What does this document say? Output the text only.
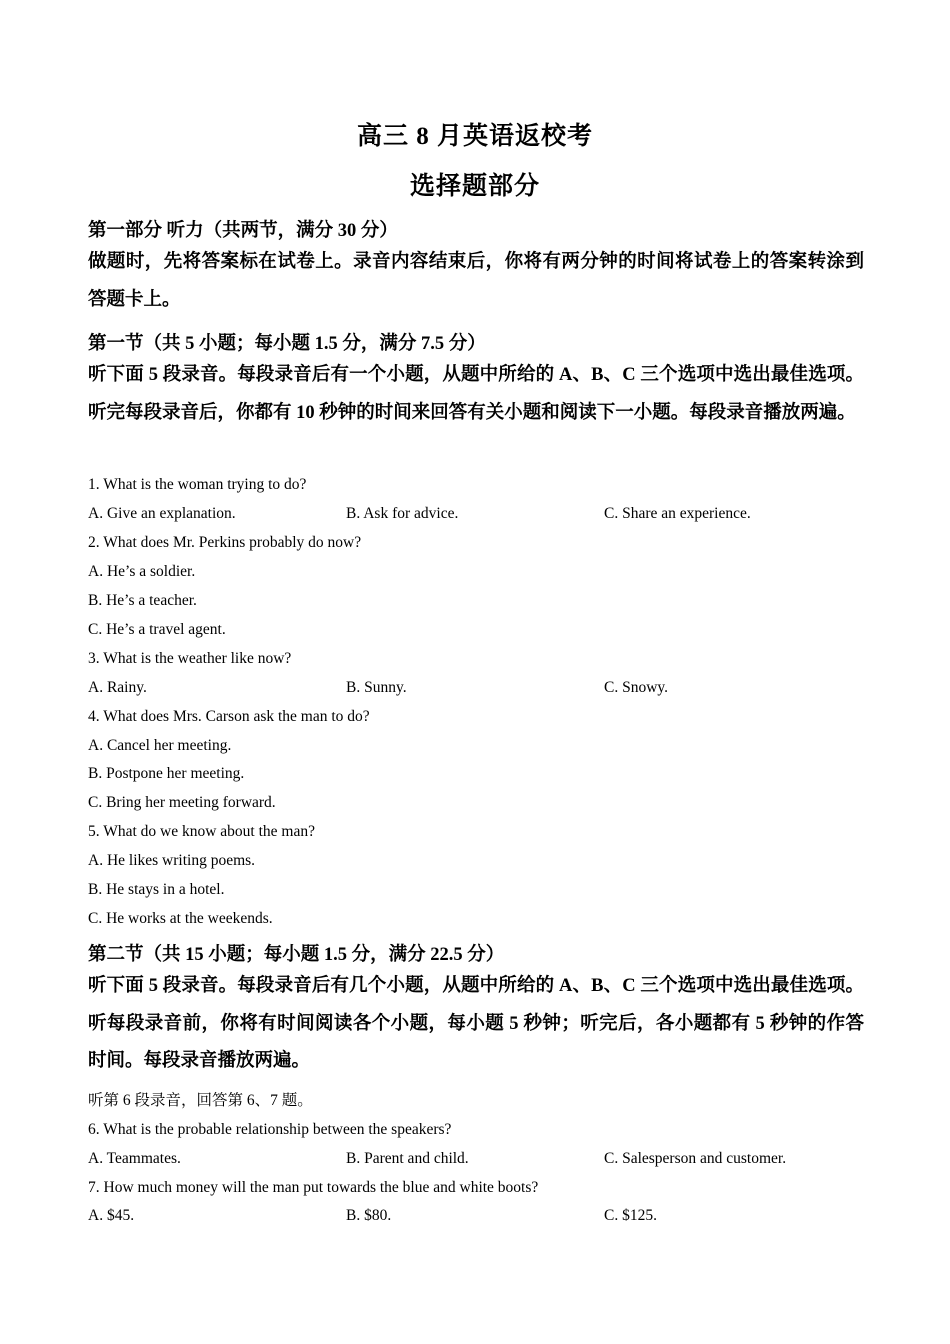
高三 8 月英语返校考
选择题部分
第一部分 听力（共两节，满分 30 分）
做题时，先将答案标在试卷上。录音内容结束后，你将有两分钟的时间将试卷上的答案转涂到答题卡上。
第一节（共 5 小题；每小题 1.5 分，满分 7.5 分）
听下面 5 段录音。每段录音后有一个小题，从题中所给的 A、B、C 三个选项中选出最佳选项。听完每段录音后，你都有 10 秒钟的时间来回答有关小题和阅读下一小题。每段录音播放两遍。
1. What is the woman trying to do?
A. Give an explanation.	B. Ask for advice.	C. Share an experience.
2. What does Mr. Perkins probably do now?
A. He’s a soldier.
B. He’s a teacher.
C. He’s a travel agent.
3. What is the weather like now?
A. Rainy.	B. Sunny.	C. Snowy.
4. What does Mrs. Carson ask the man to do?
A. Cancel her meeting.
B. Postpone her meeting.
C. Bring her meeting forward.
5. What do we know about the man?
A. He likes writing poems.
B. He stays in a hotel.
C. He works at the weekends.
第二节（共 15 小题；每小题 1.5 分，满分 22.5 分）
听下面 5 段录音。每段录音后有几个小题，从题中所给的 A、B、C 三个选项中选出最佳选项。听每段录音前，你将有时间阅读各个小题，每小题 5 秒钟；听完后，各小题都有 5 秒钟的作答时间。每段录音播放两遍。
听第 6 段录音，回答第 6、7 题。
6. What is the probable relationship between the speakers?
A. Teammates.	B. Parent and child.	C. Salesperson and customer.
7. How much money will the man put towards the blue and white boots?
A. $45.	B. $80.	C. $125.
